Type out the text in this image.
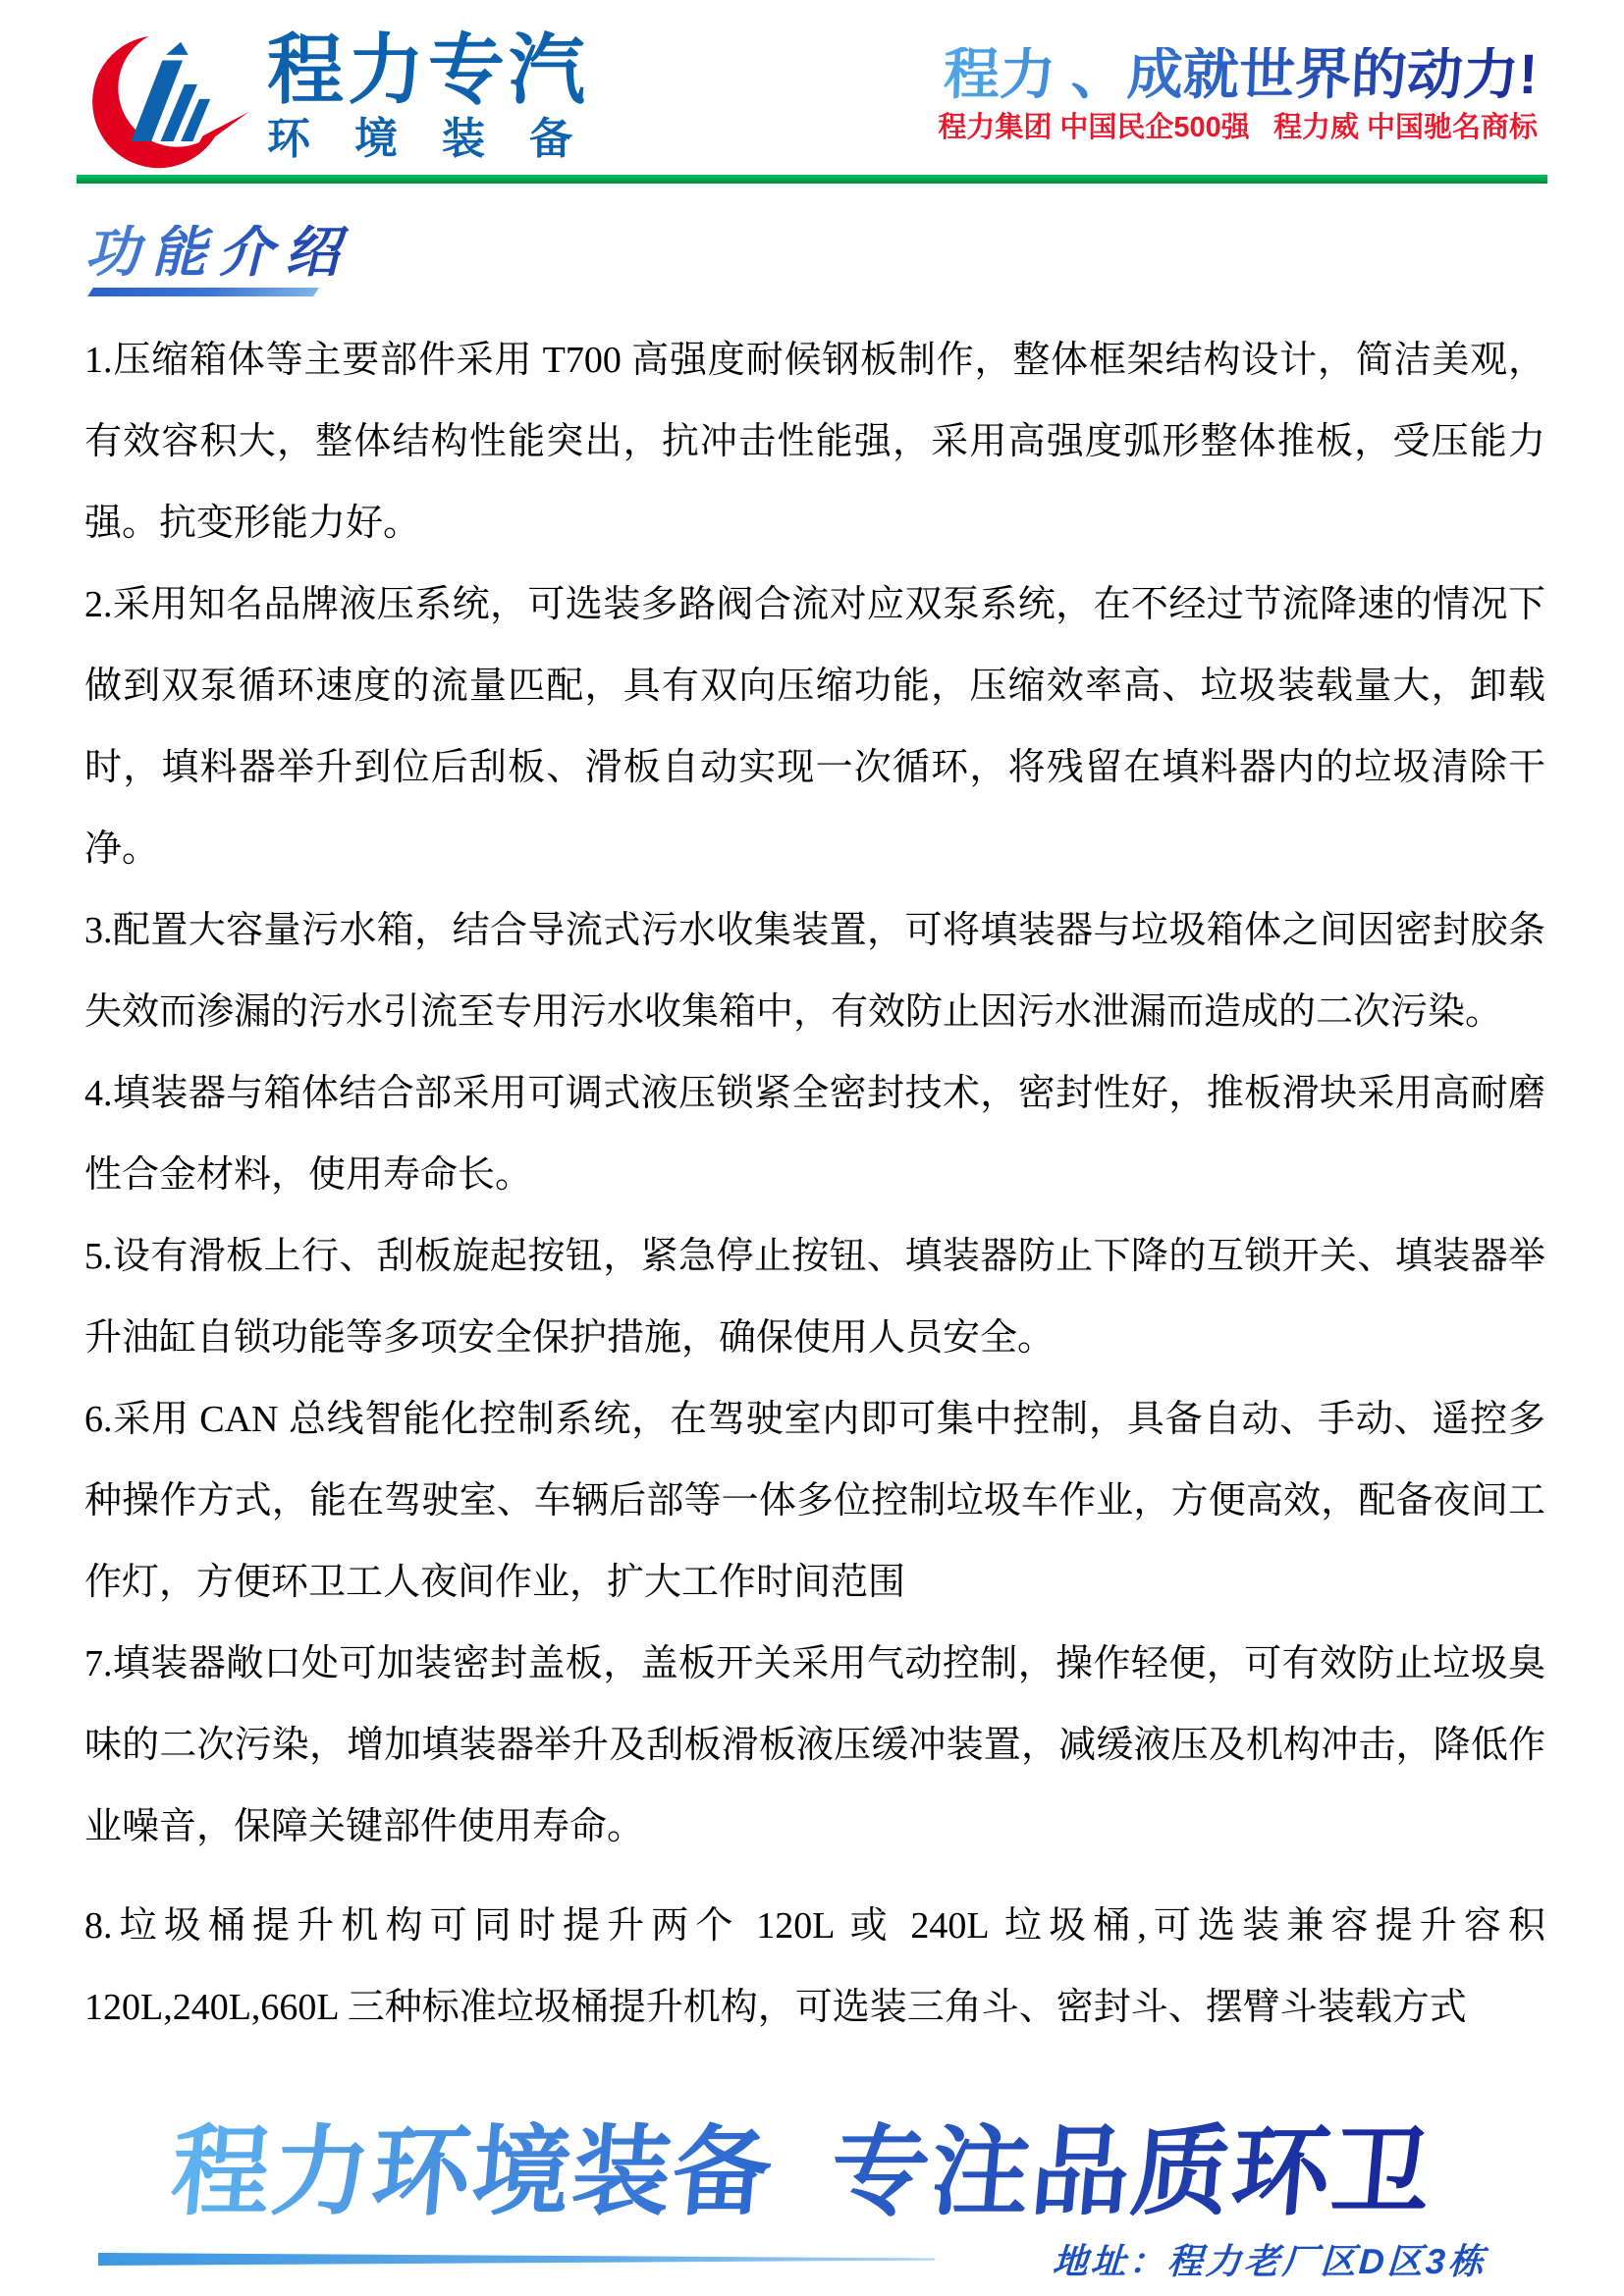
程力专汽
环境装备
程力 、成就世界的动力!
程力集团 中国民企500强   程力威 中国驰名商标
功能介绍

1.压缩箱体等主要部件采用 T700 高强度耐候钢板制作，整体框架结构设计，简洁美观，有效容积大，整体结构性能突出，抗冲击性能强，采用高强度弧形整体推板，受压能力强。抗变形能力好。

2.采用知名品牌液压系统，可选装多路阀合流对应双泵系统，在不经过节流降速的情况下做到双泵循环速度的流量匹配，具有双向压缩功能，压缩效率高、垃圾装载量大，卸载时，填料器举升到位后刮板、滑板自动实现一次循环，将残留在填料器内的垃圾清除干净。

3.配置大容量污水箱，结合导流式污水收集装置，可将填装器与垃圾箱体之间因密封胶条失效而渗漏的污水引流至专用污水收集箱中，有效防止因污水泄漏而造成的二次污染。

4.填装器与箱体结合部采用可调式液压锁紧全密封技术，密封性好，推板滑块采用高耐磨性合金材料，使用寿命长。

5.设有滑板上行、刮板旋起按钮，紧急停止按钮、填装器防止下降的互锁开关、填装器举升油缸自锁功能等多项安全保护措施，确保使用人员安全。

6.采用 CAN 总线智能化控制系统，在驾驶室内即可集中控制，具备自动、手动、遥控多种操作方式，能在驾驶室、车辆后部等一体多位控制垃圾车作业，方便高效，配备夜间工作灯，方便环卫工人夜间作业，扩大工作时间范围

7.填装器敞口处可加装密封盖板，盖板开关采用气动控制，操作轻便，可有效防止垃圾臭味的二次污染，增加填装器举升及刮板滑板液压缓冲装置，减缓液压及机构冲击，降低作业噪音，保障关键部件使用寿命。

8.垃圾桶提升机构可同时提升两个 120L 或 240L 垃圾桶,可选装兼容提升容积 120L,240L,660L 三种标准垃圾桶提升机构，可选装三角斗、密封斗、摆臂斗装载方式

程力环境装备  专注品质环卫
地址：程力老厂区D区3栋
